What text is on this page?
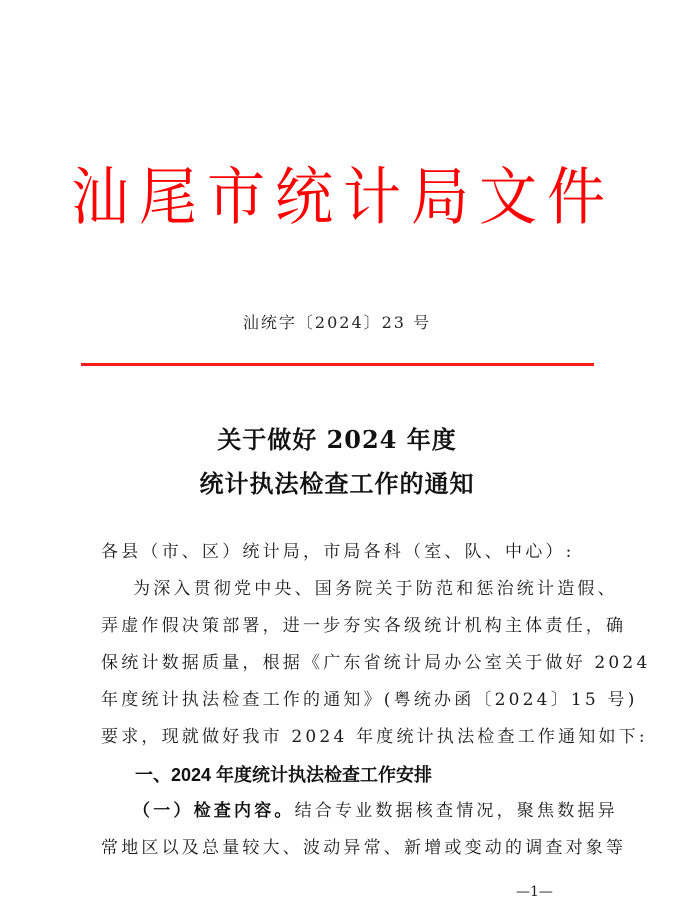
汕尾市统计局文件
汕统字〔2024〕23 号
关于做好 2024 年度
统计执法检查工作的通知
各县（市、区）统计局，市局各科（室、队、中心）:
为深入贯彻党中央、国务院关于防范和惩治统计造假、
弄虚作假决策部署，进一步夯实各级统计机构主体责任，确
保统计数据质量，根据《广东省统计局办公室关于做好 2024
年度统计执法检查工作的通知》(粤统办函〔2024〕15 号)
要求，现就做好我市 2024 年度统计执法检查工作通知如下:
一、2024 年度统计执法检查工作安排
（一）检查内容。结合专业数据核查情况，聚焦数据异
常地区以及总量较大、波动异常、新增或变动的调查对象等
—1—
